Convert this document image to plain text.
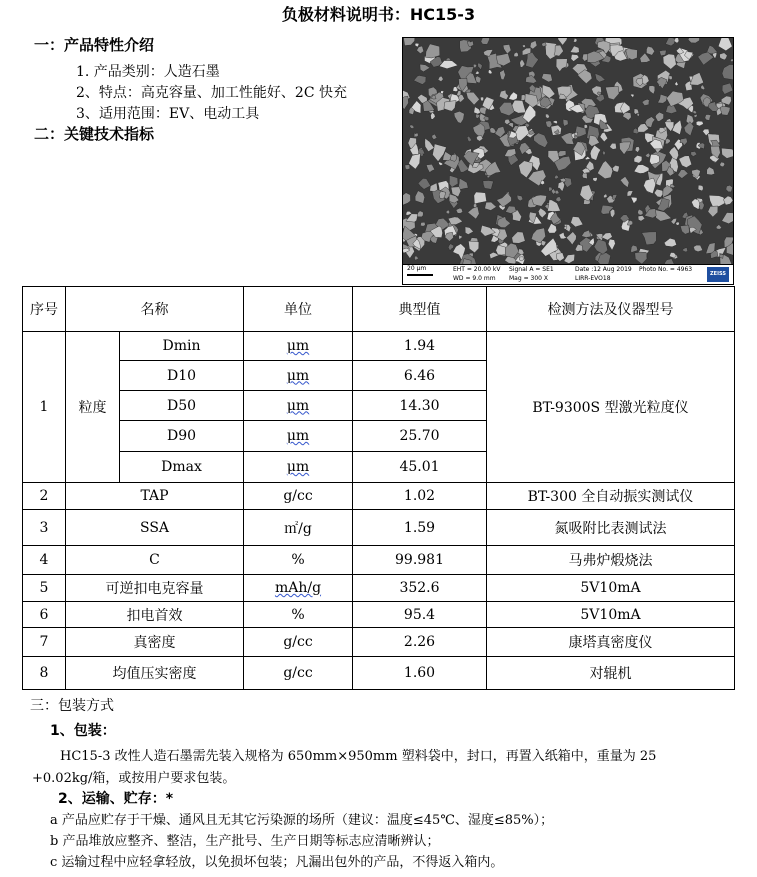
负极材料说明书：HC15-3
一：产品特性介绍
1. 产品类别：人造石墨
2、特点：高克容量、加工性能好、2C 快充
3、适用范围：EV、电动工具
二：关键技术指标
20 μm	EHT = 20.00 kV
WD = 9.0 mm
Signal A = SE1
Mag = 300 X
Date :12 Aug 2019
LIRR-EVO18
Photo No. = 4963
ZEISS
序号	名称		单位	典型值	检测方法及仪器型号
1	粒度	Dmin	μm	1.94	BT-9300S 型激光粒度仪
		D10	μm	6.46	
		D50	μm	14.30	
		D90	μm	25.70	
		Dmax	μm	45.01	
2	TAP		g/cc	1.02	BT-300 全自动振实测试仪
3	SSA		㎡/g	1.59	氮吸附比表测试法
4	C		%	99.981	马弗炉煅烧法
5	可逆扣电克容量		mAh/g	352.6	5V10mA
6	扣电首效		%	95.4	5V10mA
7	真密度		g/cc	2.26	康塔真密度仪
8	均值压实密度		g/cc	1.60	对辊机
三：包装方式
1、包装：
HC15-3 改性人造石墨需先装入规格为 650mm×950mm 塑料袋中，封口，再置入纸箱中，重量为 25
+0.02kg/箱，或按用户要求包装。
2、运输、贮存：*
a 产品应贮存于干燥、通风且无其它污染源的场所（建议：温度≤45℃、湿度≤85%）；
b 产品堆放应整齐、整洁，生产批号、生产日期等标志应清晰辨认；
c 运输过程中应轻拿轻放，以免损坏包装；凡漏出包外的产品，不得返入箱内。
